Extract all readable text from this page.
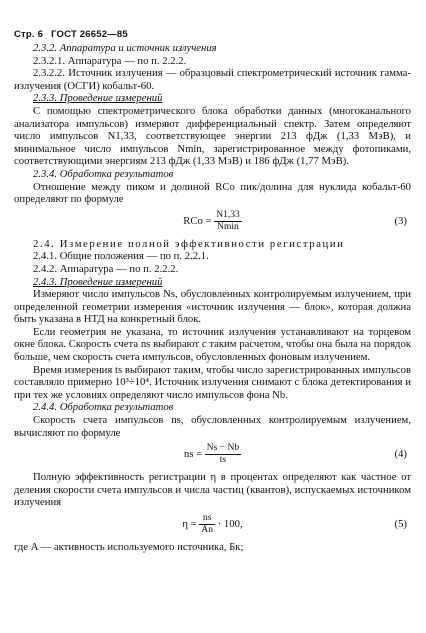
Стр. 6 ГОСТ 26652—85

2.3.2. Аппаратура и источник излучения

2.3.2.1. Аппаратура — по п. 2.2.2.

2.3.2.2. Источник излучения — образцовый спектрометрический источник гамма-излучения (ОСГИ) кобальт-60.

2.3.3. Проведение измерений

С помощью спектрометрического блока обработки данных (многоканального анализатора импульсов) измеряют дифференциальный спектр. Затем определяют число импульсов N1,33, соответствующее энергии 213 фДж (1,33 МэВ), и минимальное число импульсов Nmin, зарегистрированное между фотопиками, соответствующими энергиям 213 фДж (1,33 МэВ) и 186 фДж (1,77 МэВ).

2.3.4. Обработка результатов

Отношение между пиком и долиной RCo пик/долина для нуклида кобальт-60 определяют по формуле

RCo = $\frac{N1,33}{Nmin}$	(3)

2.4. Измерение полной эффективности регистрации

2.4.1. Общие положения — по п. 2.2.1.

2.4.2. Аппаратура — по п. 2.2.2.

2.4.3. Проведение измерений

Измеряют число импульсов Ns, обусловленных контролируемым излучением, при определенной геометрии измерения «источник излучения — блок», которая должна быть указана в НТД на конкретный блок.

Если геометрия не указана, то источник излучения устанавливают на торцевом окне блока. Скорость счета ns выбирают с таким расчетом, чтобы она была на порядок больше, чем скорость счета импульсов, обусловленных фоновым излучением.

Время измерения ts выбирают таким, чтобы число зарегистрированных импульсов составляло примерно 10³÷10⁴. Источник излучения снимают с блока детектирования и при тех же условиях определяют число импульсов фона Nb.

2.4.4. Обработка результатов

Скорость счета импульсов ns, обусловленных контролируемым излучением, вычисляют по формуле

ns = $\frac{Ns - Nb}{ts}$	(4)

Полную эффективность регистрации η в процентах определяют как частное от деления скорости счета импульсов и числа частиц (квантов), испускаемых источником излучения

$\eta = \frac{ns}{An} \cdot 100$,	(5)

где A — активность используемого источника, Бк;
